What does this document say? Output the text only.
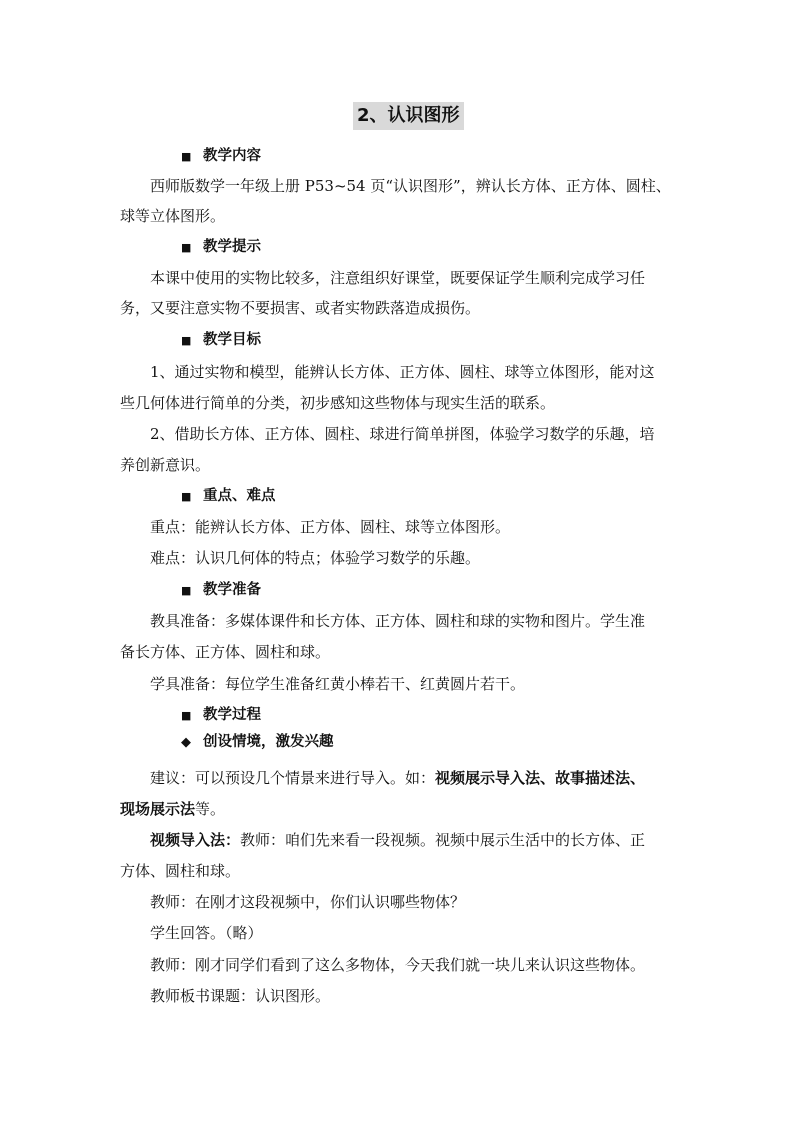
2、认识图形
■ 教学内容
西师版数学一年级上册 P53~54 页“认识图形”，辨认长方体、正方体、圆柱、
球等立体图形。
■ 教学提示
本课中使用的实物比较多，注意组织好课堂，既要保证学生顺利完成学习任
务，又要注意实物不要损害、或者实物跌落造成损伤。
■ 教学目标
1、通过实物和模型，能辨认长方体、正方体、圆柱、球等立体图形，能对这
些几何体进行简单的分类，初步感知这些物体与现实生活的联系。
2、借助长方体、正方体、圆柱、球进行简单拼图，体验学习数学的乐趣，培
养创新意识。
■ 重点、难点
重点：能辨认长方体、正方体、圆柱、球等立体图形。
难点：认识几何体的特点；体验学习数学的乐趣。
■ 教学准备
教具准备：多媒体课件和长方体、正方体、圆柱和球的实物和图片。学生准
备长方体、正方体、圆柱和球。
学具准备：每位学生准备红黄小棒若干、红黄圆片若干。
■ 教学过程
◆ 创设情境，激发兴趣
建议：可以预设几个情景来进行导入。如：视频展示导入法、故事描述法、
现场展示法等。
视频导入法：教师：咱们先来看一段视频。视频中展示生活中的长方体、正
方体、圆柱和球。
教师：在刚才这段视频中，你们认识哪些物体？
学生回答。（略）
教师：刚才同学们看到了这么多物体，今天我们就一块儿来认识这些物体。
教师板书课题：认识图形。
